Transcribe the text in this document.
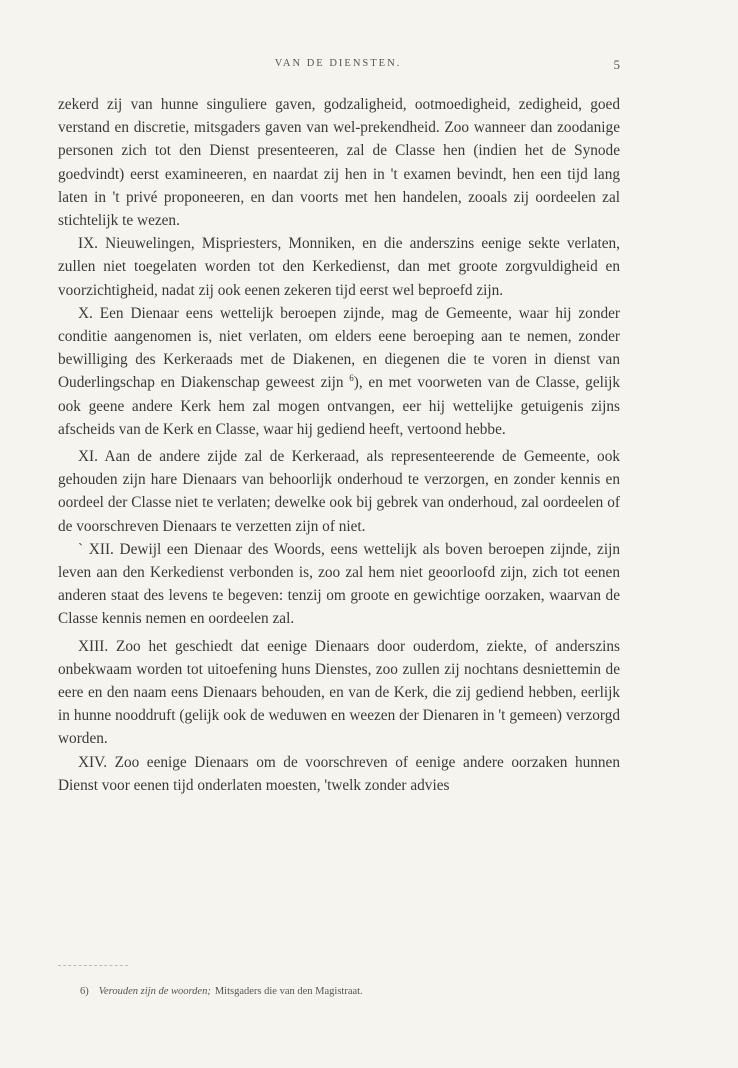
VAN DE DIENSTEN.	5

zekerd zij van hunne singuliere gaven, godzaligheid, ootmoedigheid, zedigheid, goed verstand en discretie, mitsgaders gaven van wel-prekendheid. Zoo wanneer dan zoodanige personen zich tot den Dienst presenteeren, zal de Classe hen (indien het de Synode goedvindt) eerst examineeren, en naardat zij hen in 't examen bevindt, hen een tijd lang laten in 't privé proponeeren, en dan voorts met hen handelen, zooals zij oordeelen zal stichtelijk te wezen.

IX. Nieuwelingen, Mispriesters, Monniken, en die anderszins eenige sekte verlaten, zullen niet toegelaten worden tot den Kerkedienst, dan met groote zorgvuldigheid en voorzichtigheid, nadat zij ook eenen zekeren tijd eerst wel beproefd zijn.

X. Een Dienaar eens wettelijk beroepen zijnde, mag de Gemeente, waar hij zonder conditie aangenomen is, niet verlaten, om elders eene beroeping aan te nemen, zonder bewilliging des Kerkeraads met de Diakenen, en diegenen die te voren in dienst van Ouderlingschap en Diakenschap geweest zijn $^6$), en met voorweten van de Classe, gelijk ook geene andere Kerk hem zal mogen ontvangen, eer hij wettelijke getuigenis zijns afscheids van de Kerk en Classe, waar hij gediend heeft, vertoond hebbe.

XI. Aan de andere zijde zal de Kerkeraad, als representeerende de Gemeente, ook gehouden zijn hare Dienaars van behoorlijk onderhoud te verzorgen, en zonder kennis en oordeel der Classe niet te verlaten; dewelke ook bij gebrek van onderhoud, zal oordeelen of de voorschreven Dienaars te verzetten zijn of niet.

` XII. Dewijl een Dienaar des Woords, eens wettelijk als boven beroepen zijnde, zijn leven aan den Kerkedienst verbonden is, zoo zal hem niet geoorloofd zijn, zich tot eenen anderen staat des levens te begeven: tenzij om groote en gewichtige oorzaken, waarvan de Classe kennis nemen en oordeelen zal.

XIII. Zoo het geschiedt dat eenige Dienaars door ouderdom, ziekte, of anderszins onbekwaam worden tot uitoefening huns Dienstes, zoo zullen zij nochtans desniettemin de eere en den naam eens Dienaars behouden, en van de Kerk, die zij gediend hebben, eerlijk in hunne nooddruft (gelijk ook de weduwen en weezen der Dienaren in 't gemeen) verzorgd worden.

XIV. Zoo eenige Dienaars om de voorschreven of eenige andere oorzaken hunnen Dienst voor eenen tijd onderlaten moesten, 'twelk zonder advies

6) Verouden zijn de woorden; Mitsgaders die van den Magistraat.
